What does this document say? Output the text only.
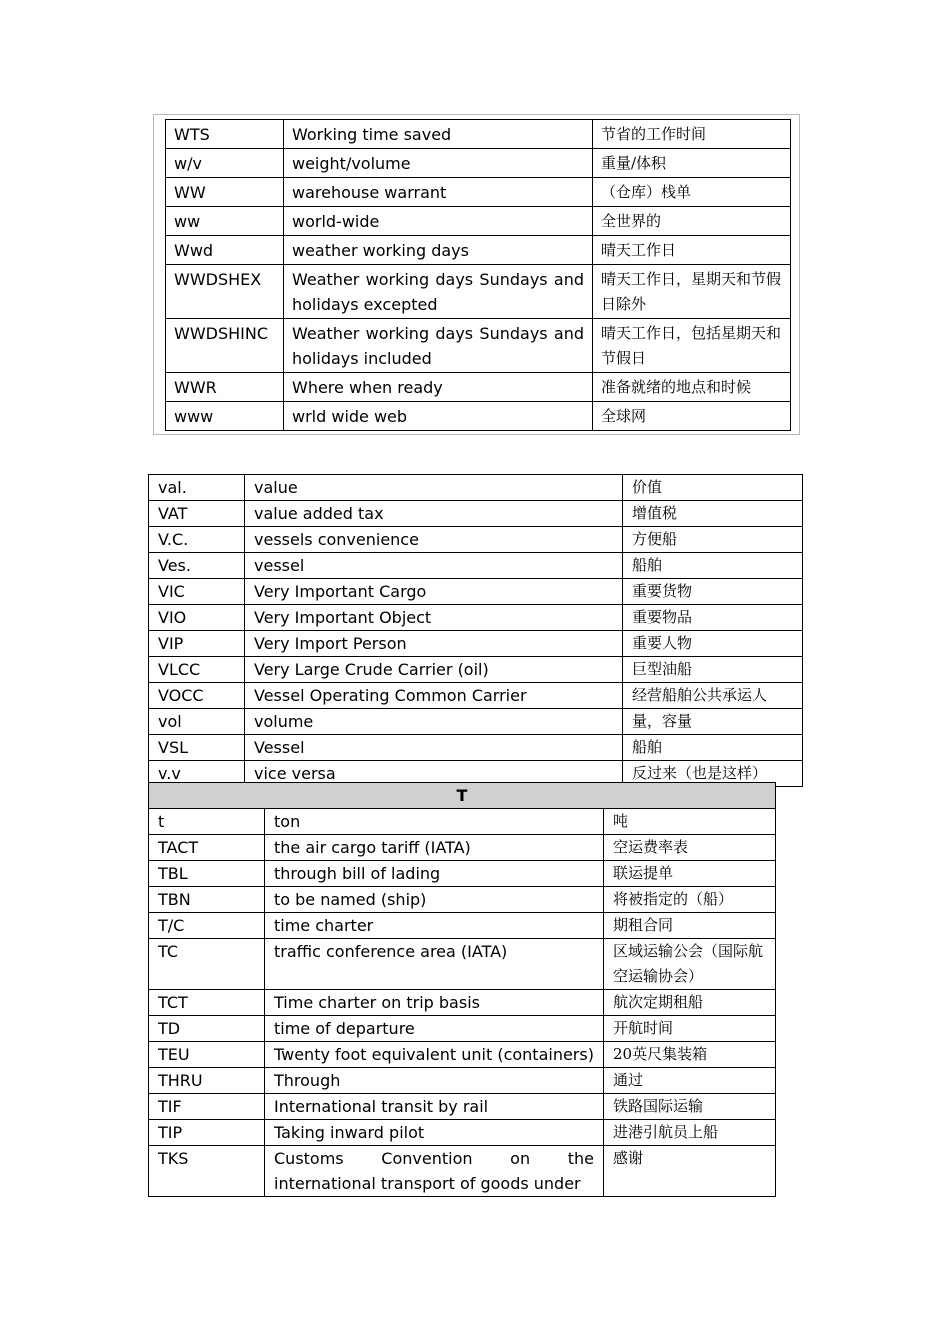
WTS	Working time saved	节省的工作时间
w/v	weight/volume	重量/体积
WW	warehouse warrant	（仓库）栈单
ww	world-wide	全世界的
Wwd	weather working days	晴天工作日
WWDSHEX	Weather working days Sundays and holidays excepted	晴天工作日，星期天和节假日除外
WWDSHINC	Weather working days Sundays and holidays included	晴天工作日，包括星期天和节假日
WWR	Where when ready	准备就绪的地点和时候
www	wrld wide web	全球网
val.	value	价值
VAT	value added tax	增值税
V.C.	vessels convenience	方便船
Ves.	vessel	船舶
VIC	Very Important Cargo	重要货物
VIO	Very Important Object	重要物品
VIP	Very Import Person	重要人物
VLCC	Very Large Crude Carrier (oil)	巨型油船
VOCC	Vessel Operating Common Carrier	经营船舶公共承运人
vol	volume	量，容量
VSL	Vessel	船舶
v.v	vice versa	反过来（也是这样）
T		
t	ton	吨
TACT	the air cargo tariff (IATA)	空运费率表
TBL	through bill of lading	联运提单
TBN	to be named (ship)	将被指定的（船）
T/C	time charter	期租合同
TC	traffic conference area (IATA)	区域运输公会（国际航空运输协会）
TCT	Time charter on trip basis	航次定期租船
TD	time of departure	开航时间
TEU	Twenty foot equivalent unit (containers)	20英尺集装箱
THRU	Through	通过
TIF	International transit by rail	铁路国际运输
TIP	Taking inward pilot	进港引航员上船
TKS	Customs Convention on the international transport of goods under	感谢
